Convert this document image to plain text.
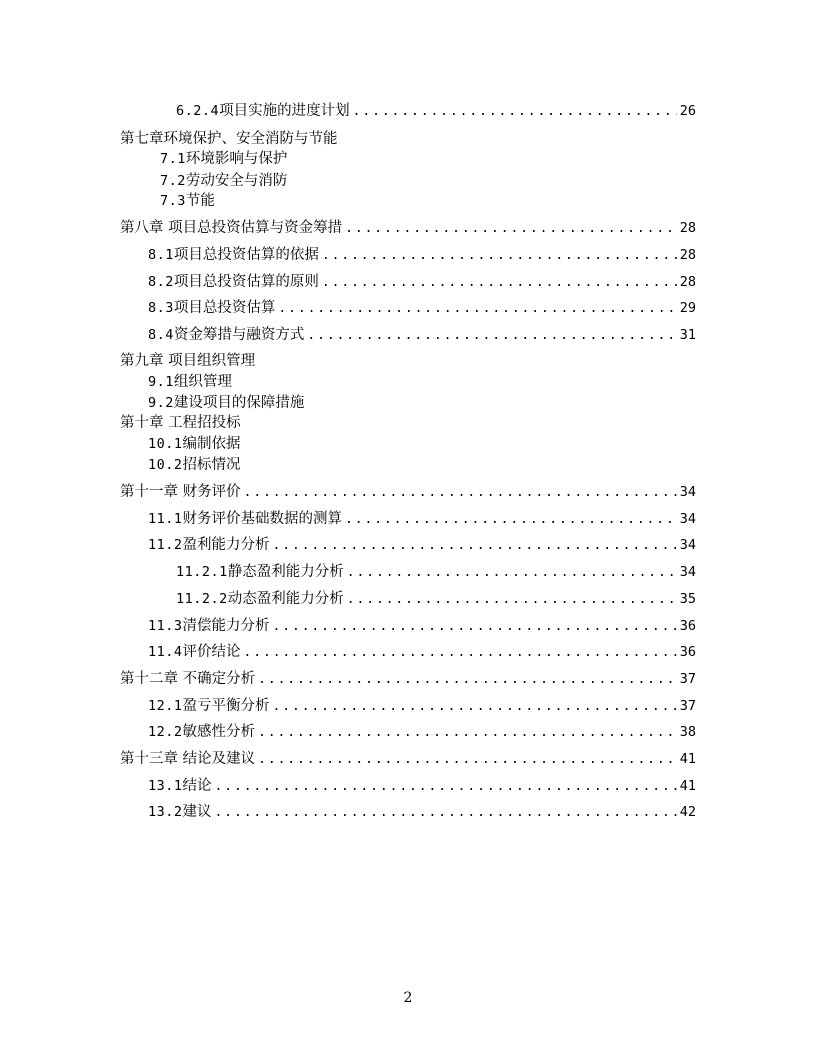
6.2.4 项目实施的进度计划 .....	26
第七章环境保护、安全消防与节能
7.1 环境影响与保护
7.2 劳动安全与消防
7.3 节能
第八章 项目总投资估算与资金筹措 .....	28
8.1 项目总投资估算的依据 .....	28
8.2 项目总投资估算的原则 .....	28
8.3 项目总投资估算 .....	29
8.4 资金筹措与融资方式 .....	31
第九章 项目组织管理
9.1 组织管理
9.2 建设项目的保障措施
第十章 工程招投标
10.1 编制依据
10.2 招标情况
第十一章 财务评价 .....	34
11.1 财务评价基础数据的测算 .....	34
11.2 盈利能力分析 .....	34
11.2.1 静态盈利能力分析 .....	34
11.2.2 动态盈利能力分析 .....	35
11.3 清偿能力分析 .....	36
11.4 评价结论 .....	36
第十二章 不确定分析 .....	37
12.1 盈亏平衡分析 .....	37
12.2 敏感性分析 .....	38
第十三章 结论及建议 .....	41
13.1 结论 .....	41
13.2 建议 .....	42
2
